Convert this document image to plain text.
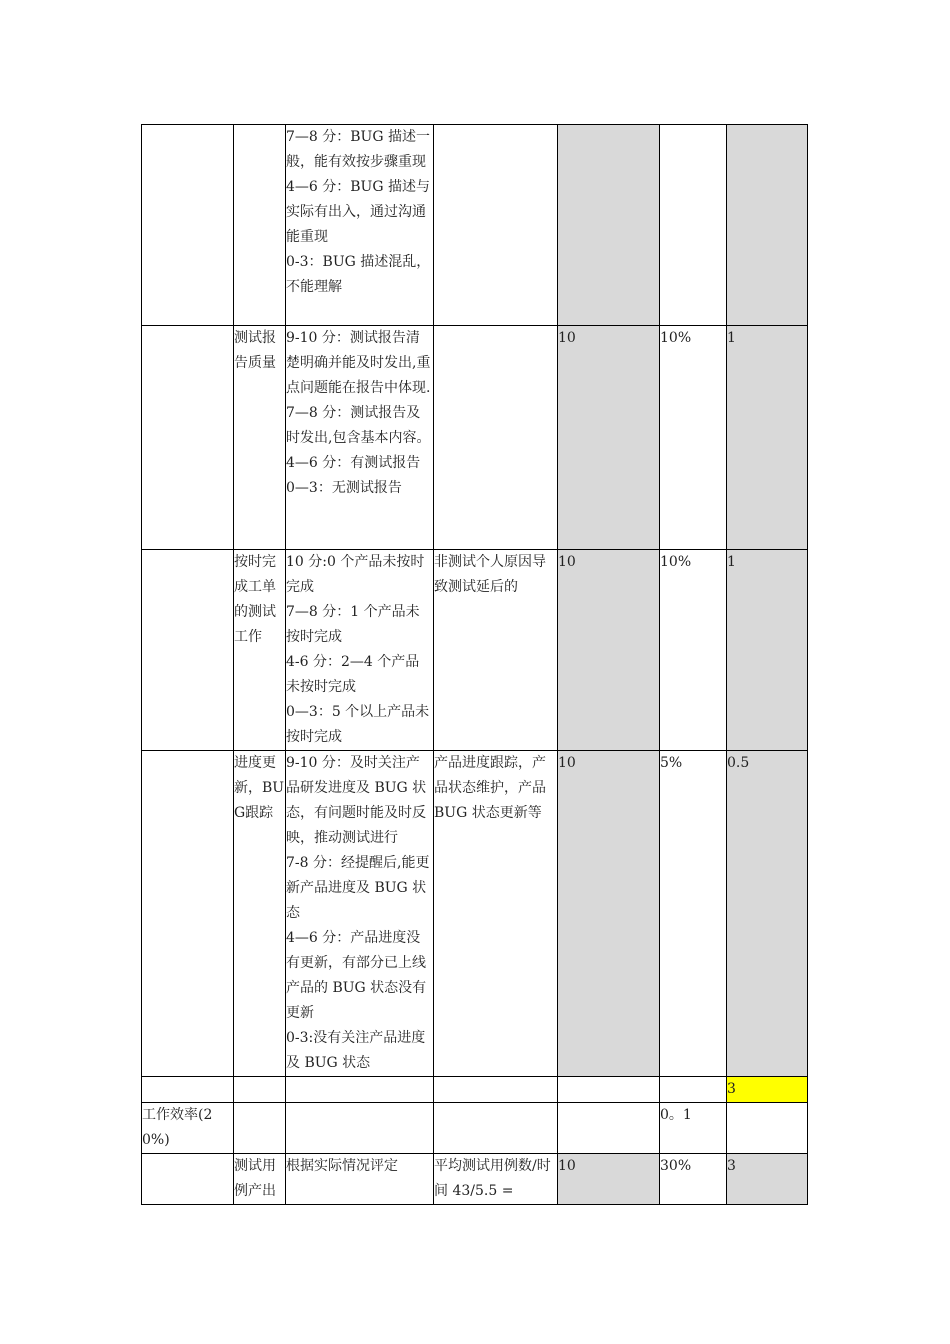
		7—8 分：BUG 描述一般，能有效按步骤重现
4—6 分：BUG 描述与实际有出入，通过沟通能重现
0-3：BUG 描述混乱，不能理解				

	测试报告质量	9-10 分：测试报告清楚明确并能及时发出,重点问题能在报告中体现.
7—8 分：测试报告及时发出,包含基本内容。
4—6 分：有测试报告
0—3：无测试报告		10	10%	1
	按时完成工单的测试工作	10 分:0 个产品未按时完成
7—8 分：1 个产品未按时完成
4-6 分：2—4 个产品未按时完成
0—3：5 个以上产品未按时完成	非测试个人原因导致测试延后的	10	10%	1
	进度更新，BUG跟踪	9-10 分：及时关注产品研发进度及 BUG 状态，有问题时能及时反映，推动测试进行
7-8 分：经提醒后,能更新产品进度及 BUG 状态
4—6 分：产品进度没有更新，有部分已上线产品的 BUG 状态没有更新
0-3:没有关注产品进度及 BUG 状态	产品进度跟踪，产品状态维护，产品 BUG 状态更新等	10	5%	0.5
						3
工作效率(20%)					0。1	
	测试用例产出	根据实际情况评定	平均测试用例数/时间 43/5.5 =	10	30%	3
